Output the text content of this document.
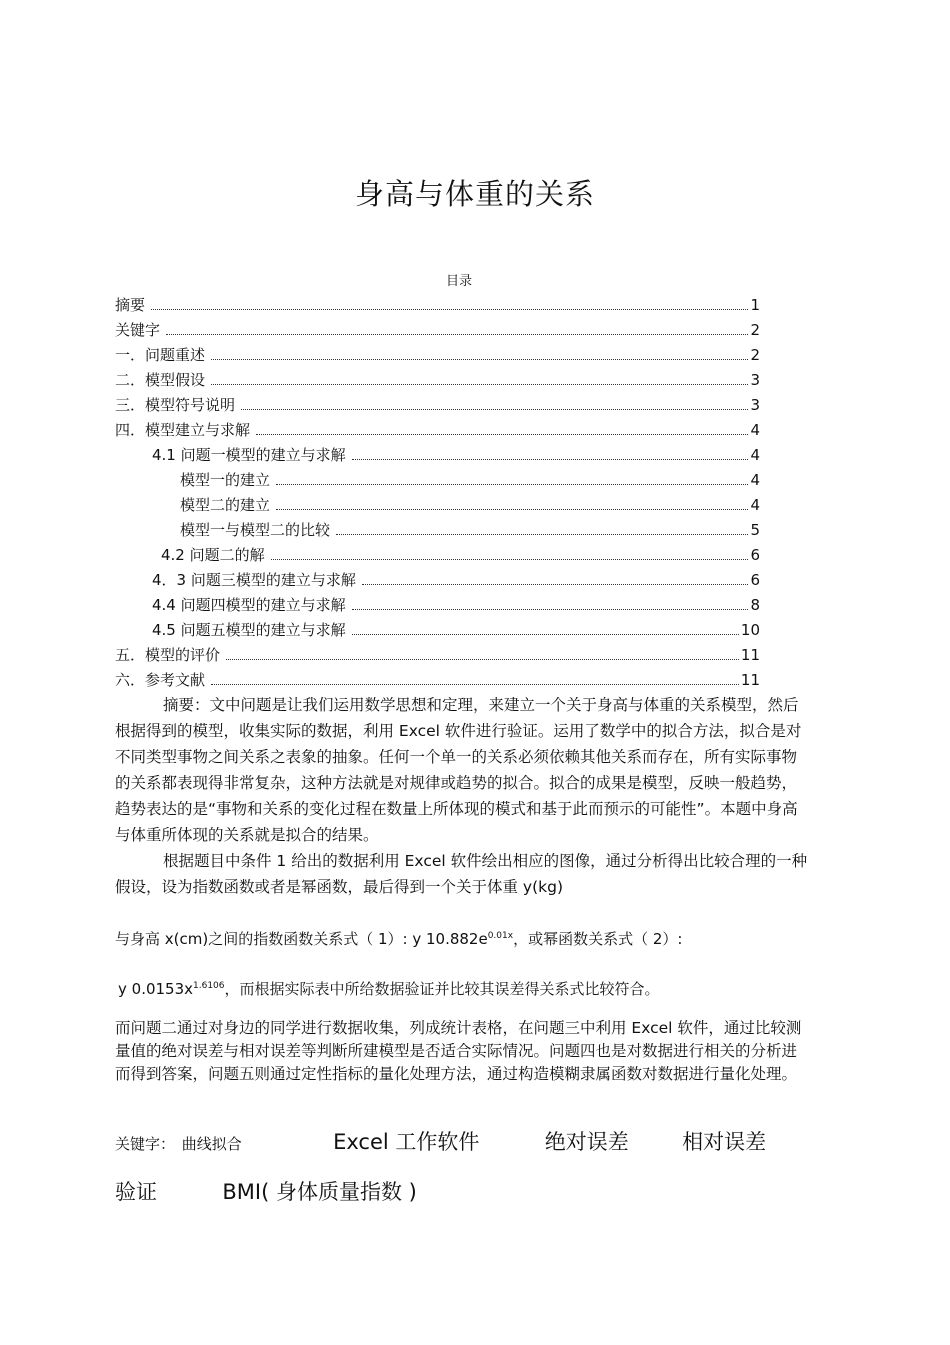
身高与体重的关系
目录
摘要	1
关键字	2
一．问题重述	2
二．模型假设	3
三．模型符号说明	3
四．模型建立与求解	4
4.1 问题一模型的建立与求解	4
模型一的建立	4
模型二的建立	4
模型一与模型二的比较	5
4.2 问题二的解	6
4．3 问题三模型的建立与求解	6
4.4 问题四模型的建立与求解	8
4.5 问题五模型的建立与求解	10
五．模型的评价	11
六．参考文献	11

摘要：文中问题是让我们运用数学思想和定理，来建立一个关于身高与体重的关系模型，然后根据得到的模型，收集实际的数据，利用 Excel 软件进行验证。运用了数学中的拟合方法，拟合是对不同类型事物之间关系之表象的抽象。任何一个单一的关系必须依赖其他关系而存在，所有实际事物的关系都表现得非常复杂，这种方法就是对规律或趋势的拟合。拟合的成果是模型，反映一般趋势，趋势表达的是“事物和关系的变化过程在数量上所体现的模式和基于此而预示的可能性”。本题中身高与体重所体现的关系就是拟合的结果。

根据题目中条件 1 给出的数据利用 Excel 软件绘出相应的图像，通过分析得出比较合理的一种假设，设为指数函数或者是幂函数，最后得到一个关于体重 y(kg)

与身高 x(cm)之间的指数函数关系式（ 1）: y $10.882e^{0.01x}$，或幂函数关系式（ 2）:
y $0.0153x^{1.6106}$，而根据实际表中所给数据验证并比较其误差得关系式比较符合。
而问题二通过对身边的同学进行数据收集，列成统计表格，在问题三中利用 Excel 软件，通过比较测量值的绝对误差与相对误差等判断所建模型是否适合实际情况。问题四也是对数据进行相关的分析进而得到答案，问题五则通过定性指标的量化处理方法，通过构造模糊隶属函数对数据进行量化处理。
关键字： 曲线拟合	Excel 工作软件	绝对误差	相对误差
验证	BMI( 身体质量指数 )
